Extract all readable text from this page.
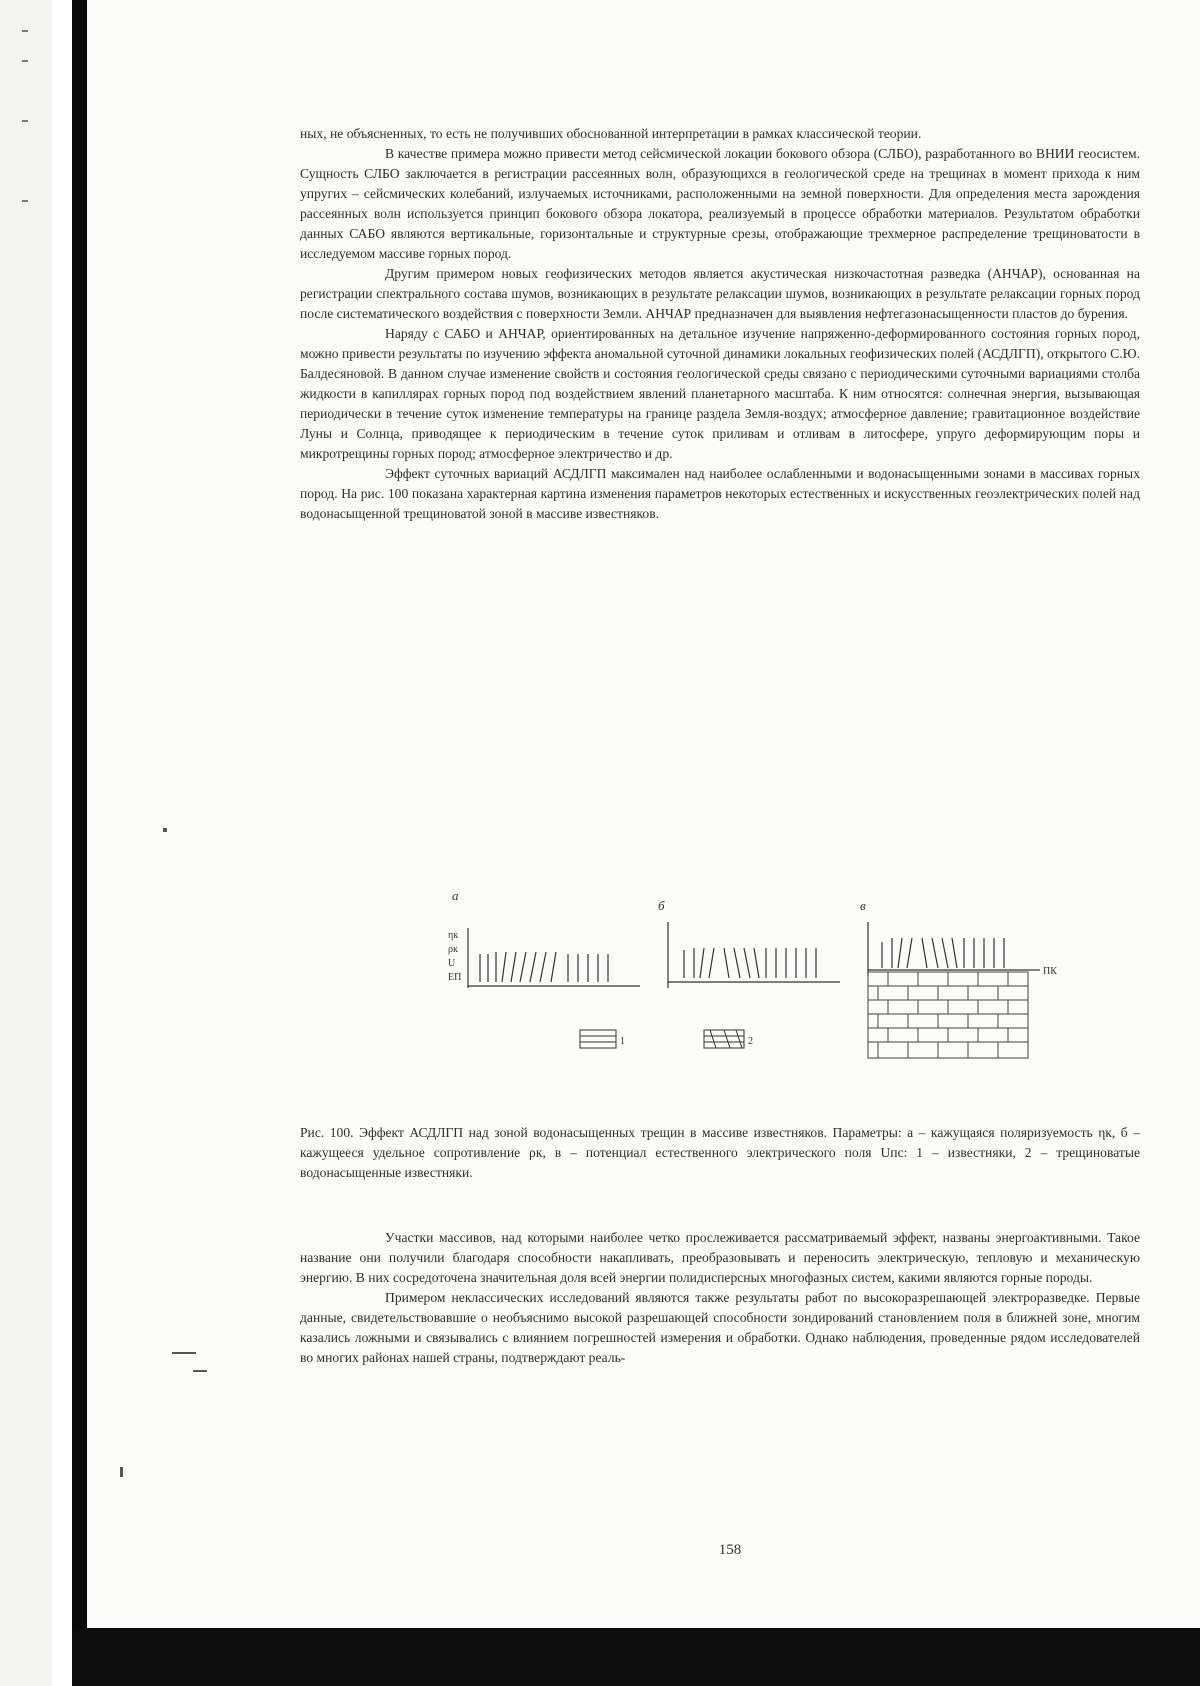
ных, не объясненных, то есть не получивших обоснованной интерпретации в рамках классической теории.

В качестве примера можно привести метод сейсмической локации бокового обзора (СЛБО), разработанного во ВНИИ геосистем. Сущность СЛБО заключается в регистрации рассеянных волн, образующихся в геологической среде на трещинах в момент прихода к ним упругих – сейсмических колебаний, излучаемых источниками, расположенными на земной поверхности. Для определения места зарождения рассеянных волн используется принцип бокового обзора локатора, реализуемый в процессе обработки материалов. Результатом обработки данных САБО являются вертикальные, горизонтальные и структурные срезы, отображающие трехмерное распределение трещиноватости в исследуемом массиве горных пород.

Другим примером новых геофизических методов является акустическая низкочастотная разведка (АНЧАР), основанная на регистрации спектрального состава шумов, возникающих в результате релаксации шумов, возникающих в результате релаксации горных пород после систематического воздействия с поверхности Земли. АНЧАР предназначен для выявления нефтегазонасыщенности пластов до бурения.

Наряду с САБО и АНЧАР, ориентированных на детальное изучение напряженно-деформированного состояния горных пород, можно привести результаты по изучению эффекта аномальной суточной динамики локальных геофизических полей (АСДЛГП), открытого С.Ю. Балдесяновой. В данном случае изменение свойств и состояния геологической среды связано с периодическими суточными вариациями столба жидкости в капиллярах горных пород под воздействием явлений планетарного масштаба. К ним относятся: солнечная энергия, вызывающая периодически в течение суток изменение температуры на границе раздела Земля-воздух; атмосферное давление; гравитационное воздействие Луны и Солнца, приводящее к периодическим в течение суток приливам и отливам в литосфере, упруго деформирующим поры и микротрещины горных пород; атмосферное электричество и др.

Эффект суточных вариаций АСДЛГП максимален над наиболее ослабленными и водонасыщенными зонами в массивах горных пород. На рис. 100 показана характерная картина изменения параметров некоторых естественных и искусственных геоэлектрических полей над водонасыщенной трещиноватой зоной в массиве известняков.

а
б	в
ηк
ρк
U
ЕП
ПК
1	2
Рис. 100. Эффект АСДЛГП над зоной водонасыщенных трещин в массиве известняков. Параметры: а – кажущаяся поляризуемость ηк, б – кажущееся удельное сопротивление ρк, в – потенциал естественного электрического поля Uпс: 1 – известняки, 2 – трещиноватые водонасыщенные известняки.

Участки массивов, над которыми наиболее четко прослеживается рассматриваемый эффект, названы энергоактивными. Такое название они получили благодаря способности накапливать, преобразовывать и переносить электрическую, тепловую и механическую энергию. В них сосредоточена значительная доля всей энергии полидисперсных многофазных систем, какими являются горные породы.

Примером неклассических исследований являются также результаты работ по высокоразрешающей электроразведке. Первые данные, свидетельствовавшие о необъяснимо высокой разрешающей способности зондирований становлением поля в ближней зоне, многим казались ложными и связывались с влиянием погрешностей измерения и обработки. Однако наблюдения, проведенные рядом исследователей во многих районах нашей страны, подтверждают реаль-

158
